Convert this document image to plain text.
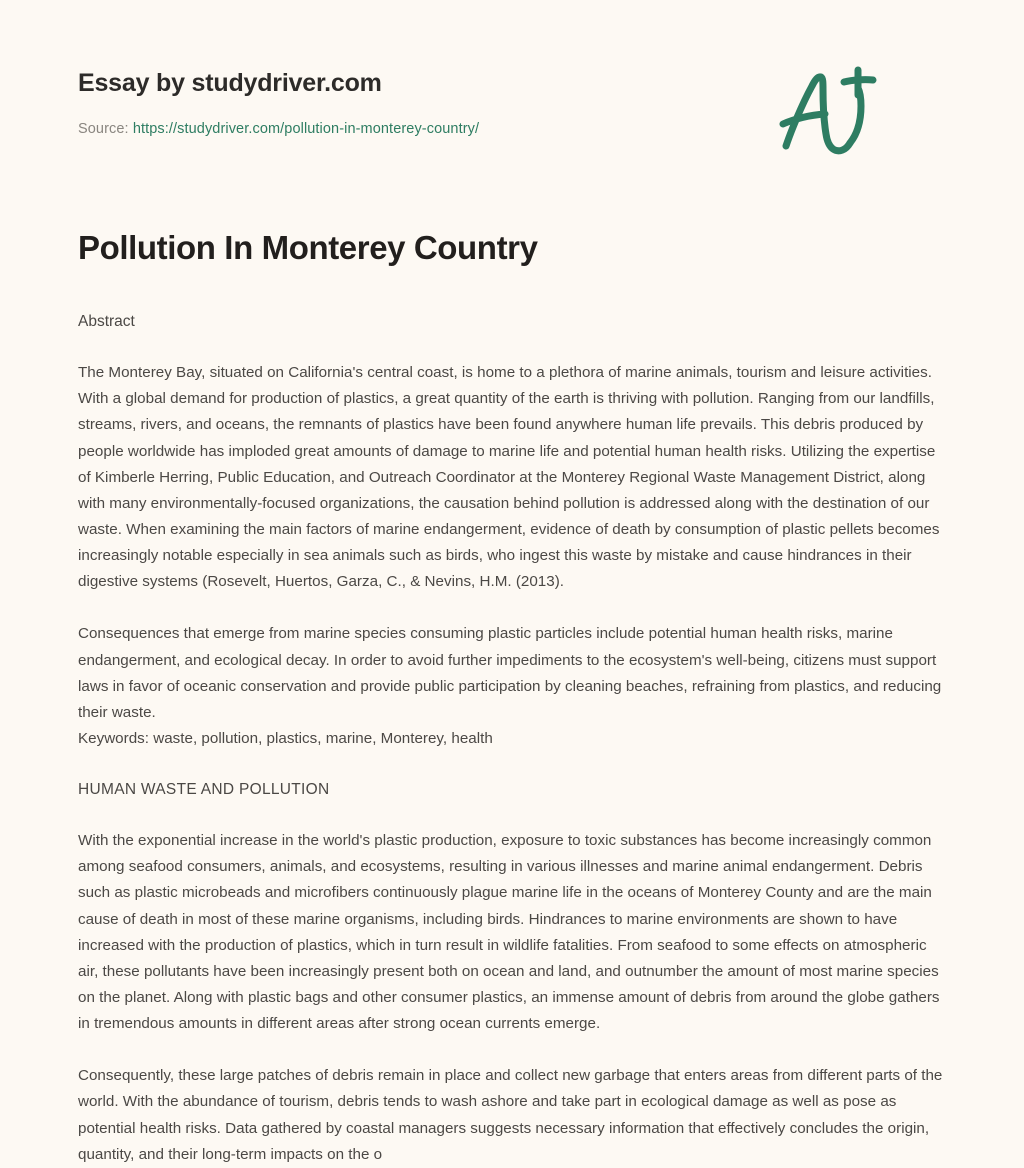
Essay by studydriver.com
Source: https://studydriver.com/pollution-in-monterey-country/
Pollution In Monterey Country

Abstract

The Monterey Bay, situated on California's central coast, is home to a plethora of marine animals, tourism and leisure activities. With a global demand for production of plastics, a great quantity of the earth is thriving with pollution. Ranging from our landfills, streams, rivers, and oceans, the remnants of plastics have been found anywhere human life prevails. This debris produced by people worldwide has imploded great amounts of damage to marine life and potential human health risks. Utilizing the expertise of Kimberle Herring, Public Education, and Outreach Coordinator at the Monterey Regional Waste Management District, along with many environmentally-focused organizations, the causation behind pollution is addressed along with the destination of our waste. When examining the main factors of marine endangerment, evidence of death by consumption of plastic pellets becomes increasingly notable especially in sea animals such as birds, who ingest this waste by mistake and cause hindrances in their digestive systems (Rosevelt, Huertos, Garza, C., & Nevins, H.M. (2013).

Consequences that emerge from marine species consuming plastic particles include potential human health risks, marine endangerment, and ecological decay. In order to avoid further impediments to the ecosystem's well-being, citizens must support laws in favor of oceanic conservation and provide public participation by cleaning beaches, refraining from plastics, and reducing their waste.

Keywords: waste, pollution, plastics, marine, Monterey, health

HUMAN WASTE AND POLLUTION

With the exponential increase in the world's plastic production, exposure to toxic substances has become increasingly common among seafood consumers, animals, and ecosystems, resulting in various illnesses and marine animal endangerment. Debris such as plastic microbeads and microfibers continuously plague marine life in the oceans of Monterey County and are the main cause of death in most of these marine organisms, including birds. Hindrances to marine environments are shown to have increased with the production of plastics, which in turn result in wildlife fatalities. From seafood to some effects on atmospheric air, these pollutants have been increasingly present both on ocean and land, and outnumber the amount of most marine species on the planet. Along with plastic bags and other consumer plastics, an immense amount of debris from around the globe gathers in tremendous amounts in different areas after strong ocean currents emerge.

Consequently, these large patches of debris remain in place and collect new garbage that enters areas from different parts of the world. With the abundance of tourism, debris tends to wash ashore and take part in ecological damage as well as pose as potential health risks. Data gathered by coastal managers suggests necessary information that effectively concludes the origin, quantity, and their long-term impacts on the o
